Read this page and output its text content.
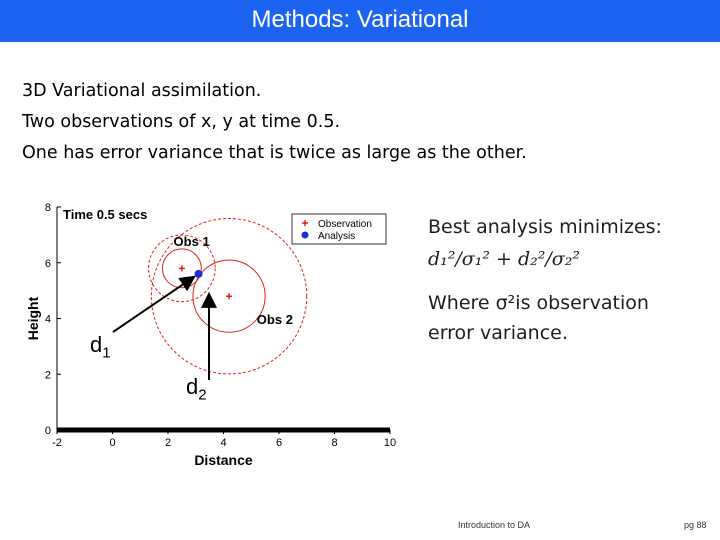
Methods: Variational
3D Variational assimilation.
Two observations of x, y at time 0.5.
One has error variance that is twice as large as the other.
-2	0	2	4	6	8	10
0
2
4
6
8
Distance
Height
Time 0.5 secs
Obs 1
Obs 2
Observation
Analysis	Best analysis minimizes:
d₁²/σ₁² + d₂²/σ₂²
Where σ²is observation
error variance.
$d_1$
$d_2$
Introduction to DA	pg 88
